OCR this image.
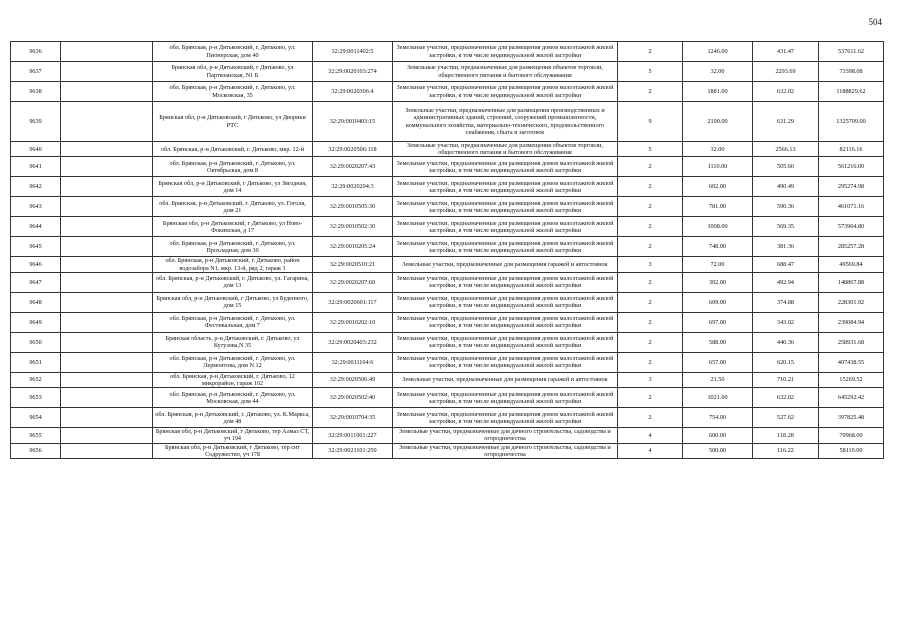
504
9636		обл. Брянская, р-н Дятьковский, г. Дятьково, ул. Пионерская, дом 40	32:29:0011402:5	Земельные участки, предназначенные для размещения домов малоэтажной жилой застройки, в том числе индивидуальной жилой застройки	2	1246.00	431.47	537611.62
9637		Брянская обл, р-н Дятьковский, г Дятьково, ул Партизанская, N1 Б	32:29:0020103:274	Земельные участки, предназначенные для размещения объектов торговли, общественного питания и бытового обслуживания	5	32.00	2293.69	73398.08
9638		обл. Брянская, р-н Дятьковский, г. Дятьково, ул. Московская, 35	32:29:0020306:4	Земельные участки, предназначенные для размещения домов малоэтажной жилой застройки, в том числе индивидуальной жилой застройки	2	1881.00	632.02	1188829.62
9639		Брянская обл, р-н Дятьковский, г Дятьково, ул Дворики РТС	32:29:0010403:15	Земельные участки, предназначенные для размещения производственных и административных зданий, строений, сооружений промышленности, коммунального хозяйства, материально-технического, продовольственного снабжения, сбыта и заготовок	9	2100.00	631.29	1325709.00
9640		обл. Брянская, р-н Дятьковский, г. Дятьково, мкр. 12-й	32:29:0020506:118	Земельные участки, предназначенные для размещения объектов торговли, общественного питания и бытового обслуживания	5	32.00	2566.13	82116.16
9641		обл. Брянская, р-н Дятьковский, г. Дятьково, ул. Октябрьская, дом 8	32:29:0020207:43	Земельные участки, предназначенные для размещения домов малоэтажной жилой застройки, в том числе индивидуальной жилой застройки	2	1110.00	505.60	561216.00
9642		Брянская обл, р-н Дятьковский, г Дятьково, ул Звездная, дом 14	32:29:0020204:3	Земельные участки, предназначенные для размещения домов малоэтажной жилой застройки, в том числе индивидуальной жилой застройки	2	602.00	490.49	295274.98
9643		обл. Брянская, р-н Дятьковский, г. Дятьково, ул. Гоголя, дом 21	32:29:0010505:30	Земельные участки, предназначенные для размещения домов малоэтажной жилой застройки, в том числе индивидуальной жилой застройки	2	781.00	590.36	461071.16
9644		Брянская обл, р-н Дятьковский, г Дятьково, ул Ново-Фокинская, д 17	32:29:0010502:30	Земельные участки, предназначенные для размещения домов малоэтажной жилой застройки, в том числе индивидуальной жилой застройки	2	1008.00	569.35	573904.80
9645		обл. Брянская, р-н Дятьковский, г. Дятьково, ул. Прохладная, дом 30	32:29:0010205:24	Земельные участки, предназначенные для размещения домов малоэтажной жилой застройки, в том числе индивидуальной жилой застройки	2	748.00	381.36	285257.28
9646		обл. Брянская, р-н Дятьковский, г. Дятьково, район водозабора N1, мкр. 13-й, ряд 2, гараж 1	32:29:0020510:21	Земельные участки, предназначенные для размещения гаражей и автостоянок	3	72.00	688.47	49569.84
9647		обл. Брянская, р-н Дятьковский, г. Дятьково, ул. Гагарина, дом 13	32:29:0020207:60	Земельные участки, предназначенные для размещения домов малоэтажной жилой застройки, в том числе индивидуальной жилой застройки	2	302.00	492.94	148867.88
9648		Брянская обл, р-н Дятьковский, г Дятьково, ул Буденного, дом 15	32:29:0020601:117	Земельные участки, предназначенные для размещения домов малоэтажной жилой застройки, в том числе индивидуальной жилой застройки	2	609.00	374.88	228301.92
9649		обл. Брянская, р-н Дятьковский, г. Дятьково, ул. Фестивальная, дом 7	32:29:0010202:10	Земельные участки, предназначенные для размещения домов малоэтажной жилой застройки, в том числе индивидуальной жилой застройки	2	697.00	343.02	239084.94
9650		Брянская область, р-н Дятьковский, г. Дятьково, ул Кутузова,N 35	32:29:0020403:232	Земельные участки, предназначенные для размещения домов малоэтажной жилой застройки, в том числе индивидуальной жилой застройки	2	588.00	440.36	258931.68
9651		обл. Брянская, р-н Дятьковский, г. Дятьково, ул. Лермонтова, дом N 12	32:29:0011104:6	Земельные участки, предназначенные для размещения домов малоэтажной жилой застройки, в том числе индивидуальной жилой застройки	2	657.00	620.15	407438.55
9652		обл. Брянская, р-н Дятьковский, г. Дятьково, 12 микрорайон, гараж 102	32:29:0020506:49	Земельные участки, предназначенные для размещения гаражей и автостоянок	3	21.50	710.21	15269.52
9653		обл. Брянская, р-н Дятьковский, г. Дятьково, ул. Московская, дом 44	32:29:0020502:40	Земельные участки, предназначенные для размещения домов малоэтажной жилой застройки, в том числе индивидуальной жилой застройки	2	1021.00	632.02	645292.42
9654		обл. Брянская, р-н Дятьковский, г. Дятьково, ул. К.Маркса, дом 48	32:29:0010704:35	Земельные участки, предназначенные для размещения домов малоэтажной жилой застройки, в том числе индивидуальной жилой застройки	2	754.00	527.62	397825.48
9655		Брянская обл, р-н Дятьковский, г Дятьково, тер Алмаз СТ, уч 194	32:29:0011001:227	Земельные участки, предназначенные для дачного строительства, садоводства и огородничества	4	600.00	118.28	70968.00
9656		Брянская обл, р-н Дятьковский, г Дятьково, тер снт Содружество, уч 178	32:29:0021101:250	Земельные участки, предназначенные для дачного строительства, садоводства и огородничества	4	500.00	116.22	58110.00
